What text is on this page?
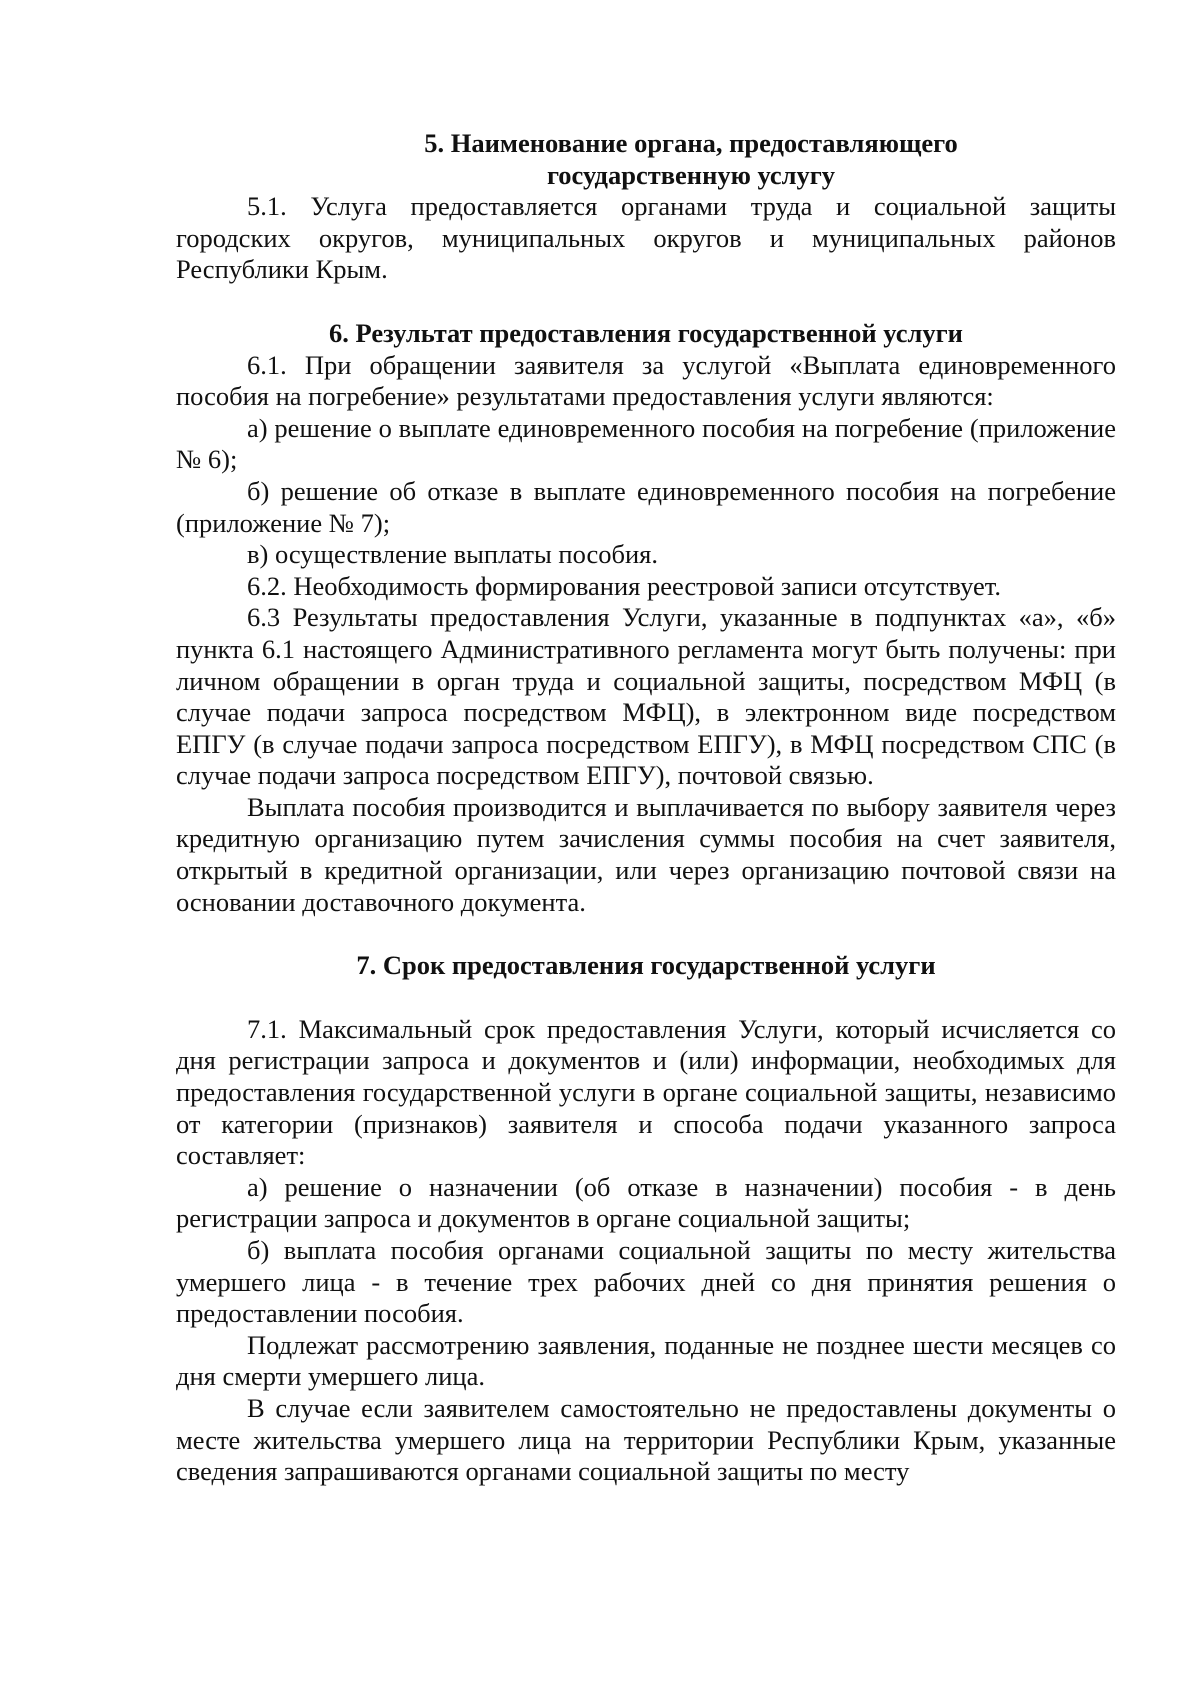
5. Наименование органа, предоставляющего государственную услугу

5.1. Услуга предоставляется органами труда и социальной защиты городских округов, муниципальных округов и муниципальных районов Республики Крым.

6. Результат предоставления государственной услуги

6.1. При обращении заявителя за услугой «Выплата единовременного пособия на погребение» результатами предоставления услуги являются:

а) решение о выплате единовременного пособия на погребение (приложение № 6);

б) решение об отказе в выплате единовременного пособия на погребение (приложение № 7);

в) осуществление выплаты пособия.

6.2. Необходимость формирования реестровой записи отсутствует.

6.3 Результаты предоставления Услуги, указанные в подпунктах «а», «б» пункта 6.1 настоящего Административного регламента могут быть получены: при личном обращении в орган труда и социальной защиты, посредством МФЦ (в случае подачи запроса посредством МФЦ), в электронном виде посредством ЕПГУ (в случае подачи запроса посредством ЕПГУ), в МФЦ посредством СПС (в случае подачи запроса посредством ЕПГУ), почтовой связью.

Выплата пособия производится и выплачивается по выбору заявителя через кредитную организацию путем зачисления суммы пособия на счет заявителя, открытый в кредитной организации, или через организацию почтовой связи на основании доставочного документа.

7. Срок предоставления государственной услуги

7.1. Максимальный срок предоставления Услуги, который исчисляется со дня регистрации запроса и документов и (или) информации, необходимых для предоставления государственной услуги в органе социальной защиты, независимо от категории (признаков) заявителя и способа подачи указанного запроса составляет:

а) решение о назначении (об отказе в назначении) пособия - в день регистрации запроса и документов в органе социальной защиты;

б) выплата пособия органами социальной защиты по месту жительства умершего лица - в течение трех рабочих дней со дня принятия решения о предоставлении пособия.

Подлежат рассмотрению заявления, поданные не позднее шести месяцев со дня смерти умершего лица.

В случае если заявителем самостоятельно не предоставлены документы о месте жительства умершего лица на территории Республики Крым, указанные сведения запрашиваются органами социальной защиты по месту
